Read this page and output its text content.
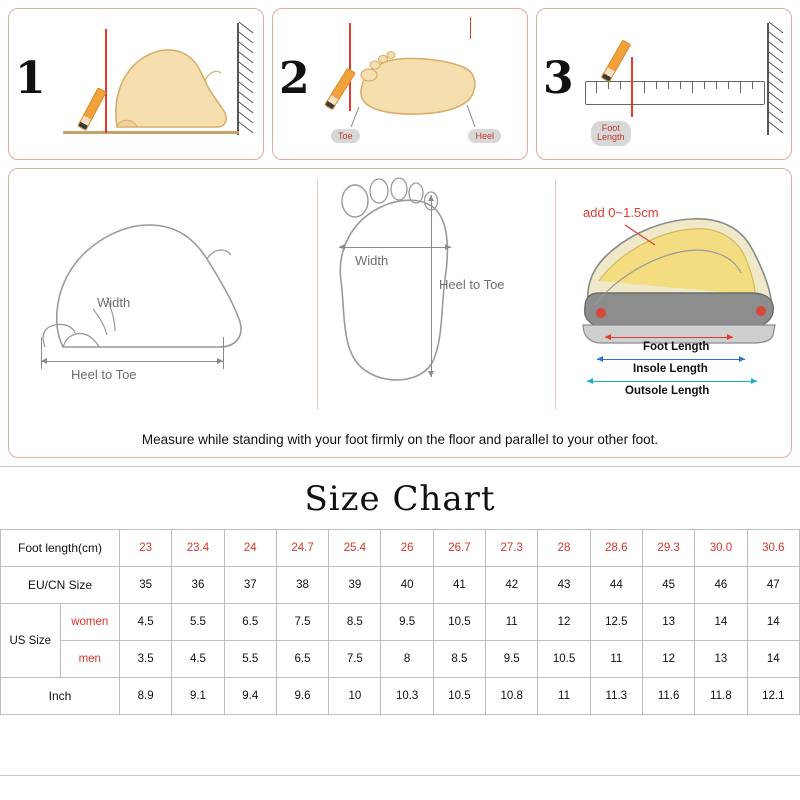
1	2
Toe	Heel
3
Foot
Length
Width
Heel to Toe
Width
Heel to Toe
add 0~1.5cm
Foot Length
Insole Length
Outsole Length
Measure while standing with your foot firmly on the floor and parallel to your other foot.
Size Chart
Foot length(cm)		23	23.4	24	24.7	25.4	26	26.7	27.3	28	28.6	29.3	30.0	30.6
EU/CN Size		35	36	37	38	39	40	41	42	43	44	45	46	47
US Size	women	4.5	5.5	6.5	7.5	8.5	9.5	10.5	11	12	12.5	13	14	14
	men	3.5	4.5	5.5	6.5	7.5	8	8.5	9.5	10.5	11	12	13	14
Inch		8.9	9.1	9.4	9.6	10	10.3	10.5	10.8	11	11.3	11.6	11.8	12.1
